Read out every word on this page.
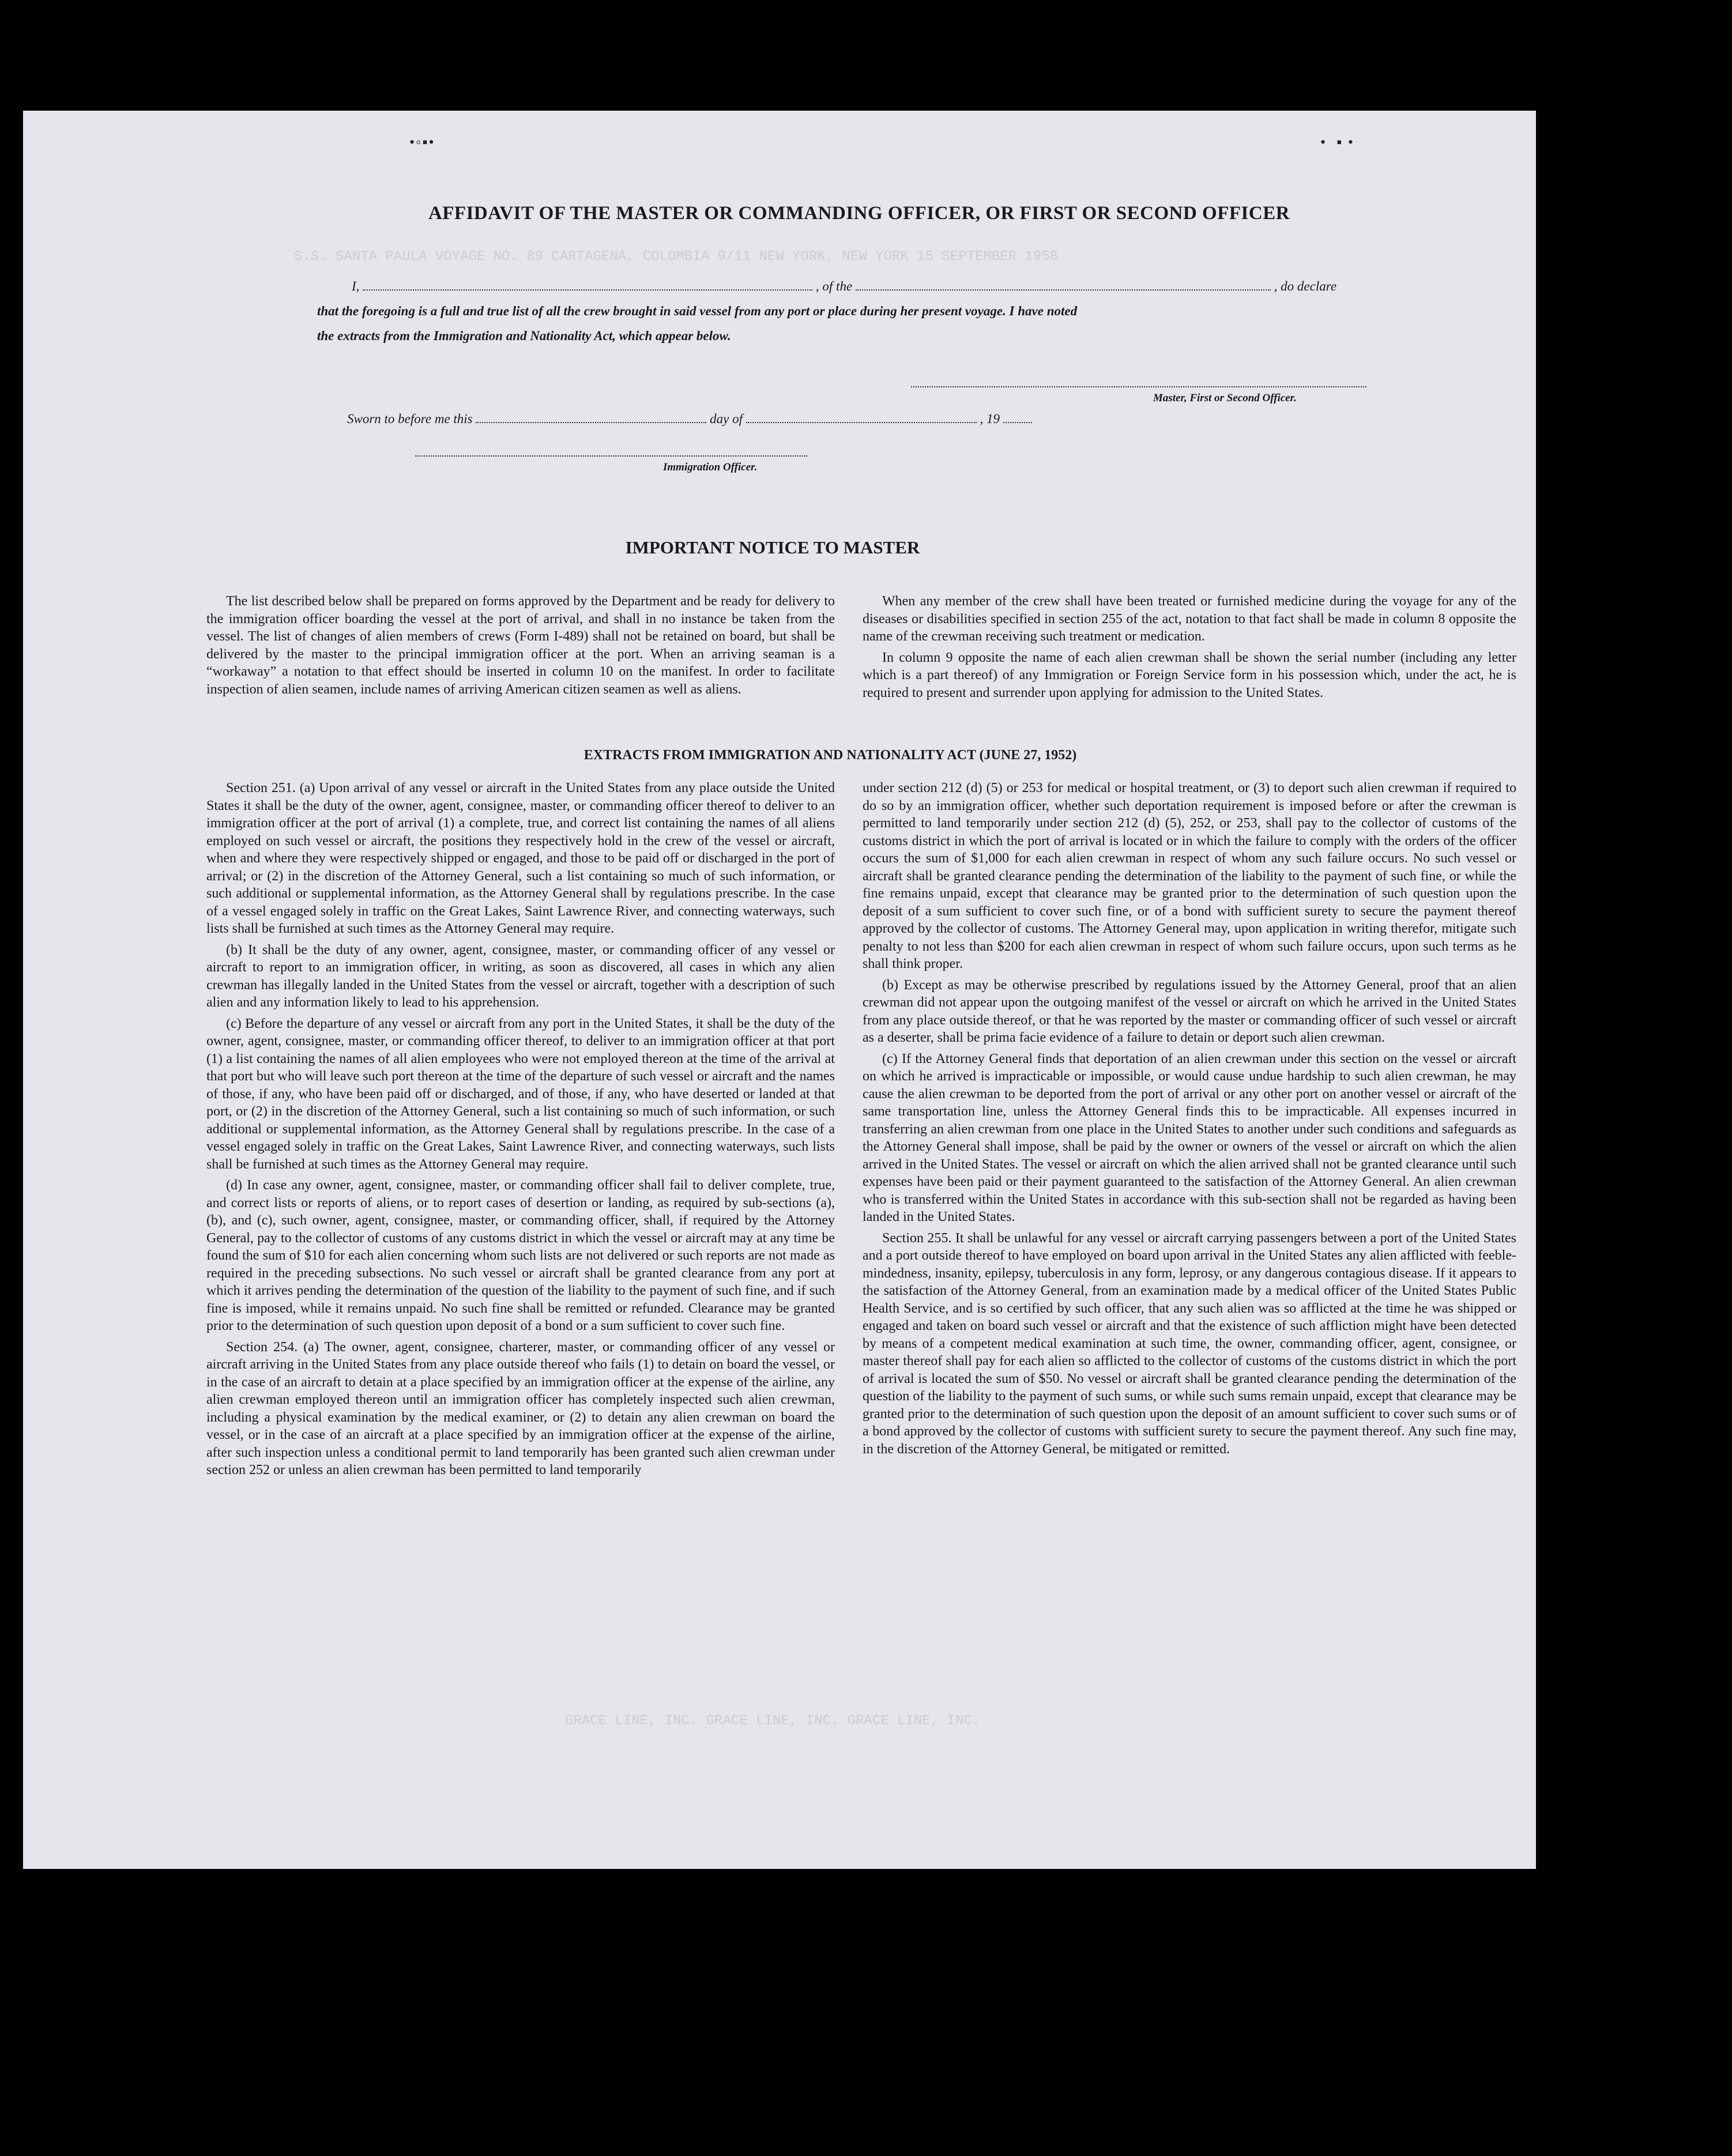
S.S. SANTA PAULA VOYAGE NO. 89 CARTAGENA, COLOMBIA 9/11 NEW YORK, NEW YORK 15 SEPTEMBER 1958
GRACE LINE, INC. GRACE LINE, INC. GRACE LINE, INC.
•◦▪•	•  ▪ •
AFFIDAVIT OF THE MASTER OR COMMANDING OFFICER, OR FIRST OR SECOND OFFICER
I,	, of the	, do declare
that the foregoing is a full and true list of all the crew brought in said vessel from any port or place during her present voyage. I have noted
the extracts from the Immigration and Nationality Act, which appear below.
Master, First or Second Officer.
Sworn to before me this	day of	, 19
Immigration Officer.
IMPORTANT NOTICE TO MASTER

The list described below shall be prepared on forms approved by the Department and be ready for delivery to the immigration officer boarding the vessel at the port of arrival, and shall in no instance be taken from the vessel. The list of changes of alien members of crews (Form I-489) shall not be retained on board, but shall be delivered by the master to the principal immigration officer at the port. When an arriving seaman is a “workaway” a notation to that effect should be inserted in column 10 on the manifest. In order to facilitate inspection of alien seamen, include names of arriving American citizen seamen as well as aliens.

When any member of the crew shall have been treated or furnished medicine during the voyage for any of the diseases or disabilities specified in section 255 of the act, notation to that fact shall be made in column 8 opposite the name of the crewman receiving such treatment or medication.

In column 9 opposite the name of each alien crewman shall be shown the serial number (including any letter which is a part thereof) of any Immigration or Foreign Service form in his possession which, under the act, he is required to present and surrender upon applying for admission to the United States.

EXTRACTS FROM IMMIGRATION AND NATIONALITY ACT (JUNE 27, 1952)

Section 251. (a) Upon arrival of any vessel or aircraft in the United States from any place outside the United States it shall be the duty of the owner, agent, consignee, master, or commanding officer thereof to deliver to an immigration officer at the port of arrival (1) a complete, true, and correct list containing the names of all aliens employed on such vessel or aircraft, the positions they respectively hold in the crew of the vessel or aircraft, when and where they were respectively shipped or engaged, and those to be paid off or discharged in the port of arrival; or (2) in the discretion of the Attorney General, such a list containing so much of such information, or such additional or supplemental information, as the Attorney General shall by regulations prescribe. In the case of a vessel engaged solely in traffic on the Great Lakes, Saint Lawrence River, and connecting waterways, such lists shall be furnished at such times as the Attorney General may require.

(b) It shall be the duty of any owner, agent, consignee, master, or commanding officer of any vessel or aircraft to report to an immigration officer, in writing, as soon as discovered, all cases in which any alien crewman has illegally landed in the United States from the vessel or aircraft, together with a description of such alien and any information likely to lead to his apprehension.

(c) Before the departure of any vessel or aircraft from any port in the United States, it shall be the duty of the owner, agent, consignee, master, or commanding officer thereof, to deliver to an immigration officer at that port (1) a list containing the names of all alien employees who were not employed thereon at the time of the arrival at that port but who will leave such port thereon at the time of the departure of such vessel or aircraft and the names of those, if any, who have been paid off or discharged, and of those, if any, who have deserted or landed at that port, or (2) in the discretion of the Attorney General, such a list containing so much of such information, or such additional or supplemental information, as the Attorney General shall by regulations prescribe. In the case of a vessel engaged solely in traffic on the Great Lakes, Saint Lawrence River, and connecting waterways, such lists shall be furnished at such times as the Attorney General may require.

(d) In case any owner, agent, consignee, master, or commanding officer shall fail to deliver complete, true, and correct lists or reports of aliens, or to report cases of desertion or landing, as required by sub-sections (a), (b), and (c), such owner, agent, consignee, master, or commanding officer, shall, if required by the Attorney General, pay to the collector of customs of any customs district in which the vessel or aircraft may at any time be found the sum of $10 for each alien concerning whom such lists are not delivered or such reports are not made as required in the preceding subsections. No such vessel or aircraft shall be granted clearance from any port at which it arrives pending the determination of the question of the liability to the payment of such fine, and if such fine is imposed, while it remains unpaid. No such fine shall be remitted or refunded. Clearance may be granted prior to the determination of such question upon deposit of a bond or a sum sufficient to cover such fine.

Section 254. (a) The owner, agent, consignee, charterer, master, or commanding officer of any vessel or aircraft arriving in the United States from any place outside thereof who fails (1) to detain on board the vessel, or in the case of an aircraft to detain at a place specified by an immigration officer at the expense of the airline, any alien crewman employed thereon until an immigration officer has completely inspected such alien crewman, including a physical examination by the medical examiner, or (2) to detain any alien crewman on board the vessel, or in the case of an aircraft at a place specified by an immigration officer at the expense of the airline, after such inspection unless a conditional permit to land temporarily has been granted such alien crewman under section 252 or unless an alien crewman has been permitted to land temporarily

under section 212 (d) (5) or 253 for medical or hospital treatment, or (3) to deport such alien crewman if required to do so by an immigration officer, whether such deportation requirement is imposed before or after the crewman is permitted to land temporarily under section 212 (d) (5), 252, or 253, shall pay to the collector of customs of the customs district in which the port of arrival is located or in which the failure to comply with the orders of the officer occurs the sum of $1,000 for each alien crewman in respect of whom any such failure occurs. No such vessel or aircraft shall be granted clearance pending the determination of the liability to the payment of such fine, or while the fine remains unpaid, except that clearance may be granted prior to the determination of such question upon the deposit of a sum sufficient to cover such fine, or of a bond with sufficient surety to secure the payment thereof approved by the collector of customs. The Attorney General may, upon application in writing therefor, mitigate such penalty to not less than $200 for each alien crewman in respect of whom such failure occurs, upon such terms as he shall think proper.

(b) Except as may be otherwise prescribed by regulations issued by the Attorney General, proof that an alien crewman did not appear upon the outgoing manifest of the vessel or aircraft on which he arrived in the United States from any place outside thereof, or that he was reported by the master or commanding officer of such vessel or aircraft as a deserter, shall be prima facie evidence of a failure to detain or deport such alien crewman.

(c) If the Attorney General finds that deportation of an alien crewman under this section on the vessel or aircraft on which he arrived is impracticable or impossible, or would cause undue hardship to such alien crewman, he may cause the alien crewman to be deported from the port of arrival or any other port on another vessel or aircraft of the same transportation line, unless the Attorney General finds this to be impracticable. All expenses incurred in transferring an alien crewman from one place in the United States to another under such conditions and safeguards as the Attorney General shall impose, shall be paid by the owner or owners of the vessel or aircraft on which the alien arrived in the United States. The vessel or aircraft on which the alien arrived shall not be granted clearance until such expenses have been paid or their payment guaranteed to the satisfaction of the Attorney General. An alien crewman who is transferred within the United States in accordance with this sub-section shall not be regarded as having been landed in the United States.

Section 255. It shall be unlawful for any vessel or aircraft carrying passengers between a port of the United States and a port outside thereof to have employed on board upon arrival in the United States any alien afflicted with feeble-mindedness, insanity, epilepsy, tuberculosis in any form, leprosy, or any dangerous contagious disease. If it appears to the satisfaction of the Attorney General, from an examination made by a medical officer of the United States Public Health Service, and is so certified by such officer, that any such alien was so afflicted at the time he was shipped or engaged and taken on board such vessel or aircraft and that the existence of such affliction might have been detected by means of a competent medical examination at such time, the owner, commanding officer, agent, consignee, or master thereof shall pay for each alien so afflicted to the collector of customs of the customs district in which the port of arrival is located the sum of $50. No vessel or aircraft shall be granted clearance pending the determination of the question of the liability to the payment of such sums, or while such sums remain unpaid, except that clearance may be granted prior to the determination of such question upon the deposit of an amount sufficient to cover such sums or of a bond approved by the collector of customs with sufficient surety to secure the payment thereof. Any such fine may, in the discretion of the Attorney General, be mitigated or remitted.
